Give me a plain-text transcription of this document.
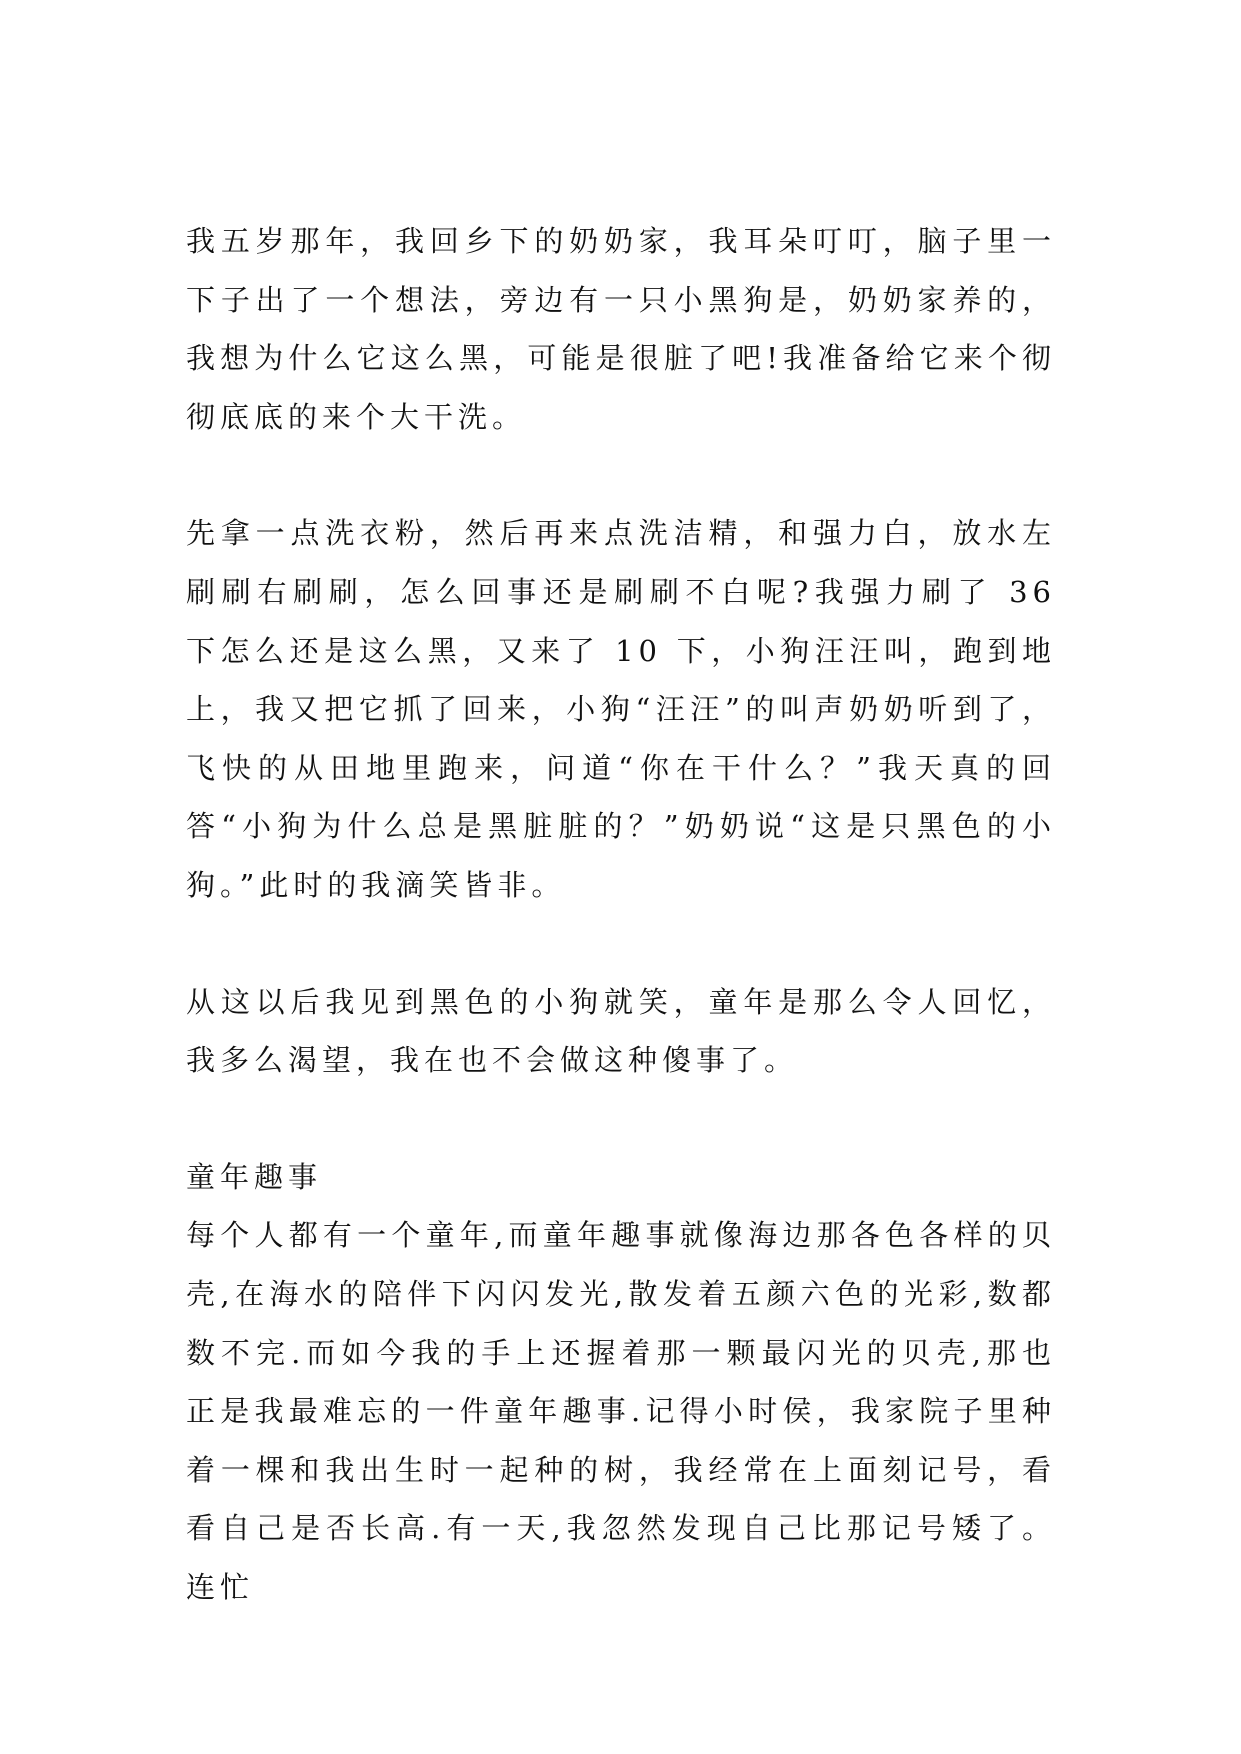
我五岁那年，我回乡下的奶奶家，我耳朵叮叮，脑子里一下子出了一个想法，旁边有一只小黑狗是，奶奶家养的，我想为什么它这么黑，可能是很脏了吧!我准备给它来个彻彻底底的来个大干洗。

先拿一点洗衣粉，然后再来点洗洁精，和强力白，放水左刷刷右刷刷，怎么回事还是刷刷不白呢?我强力刷了 36 下怎么还是这么黑，又来了 10 下，小狗汪汪叫，跑到地上，我又把它抓了回来，小狗“汪汪”的叫声奶奶听到了，飞快的从田地里跑来，问道“你在干什么？”我天真的回答“小狗为什么总是黑脏脏的？”奶奶说“这是只黑色的小狗。”此时的我滴笑皆非。

从这以后我见到黑色的小狗就笑，童年是那么令人回忆，我多么渴望，我在也不会做这种傻事了。

童年趣事

每个人都有一个童年,而童年趣事就像海边那各色各样的贝壳,在海水的陪伴下闪闪发光,散发着五颜六色的光彩,数都数不完.而如今我的手上还握着那一颗最闪光的贝壳,那也正是我最难忘的一件童年趣事.记得小时侯，我家院子里种着一棵和我出生时一起种的树，我经常在上面刻记号，看看自己是否长高.有一天,我忽然发现自己比那记号矮了。连忙
